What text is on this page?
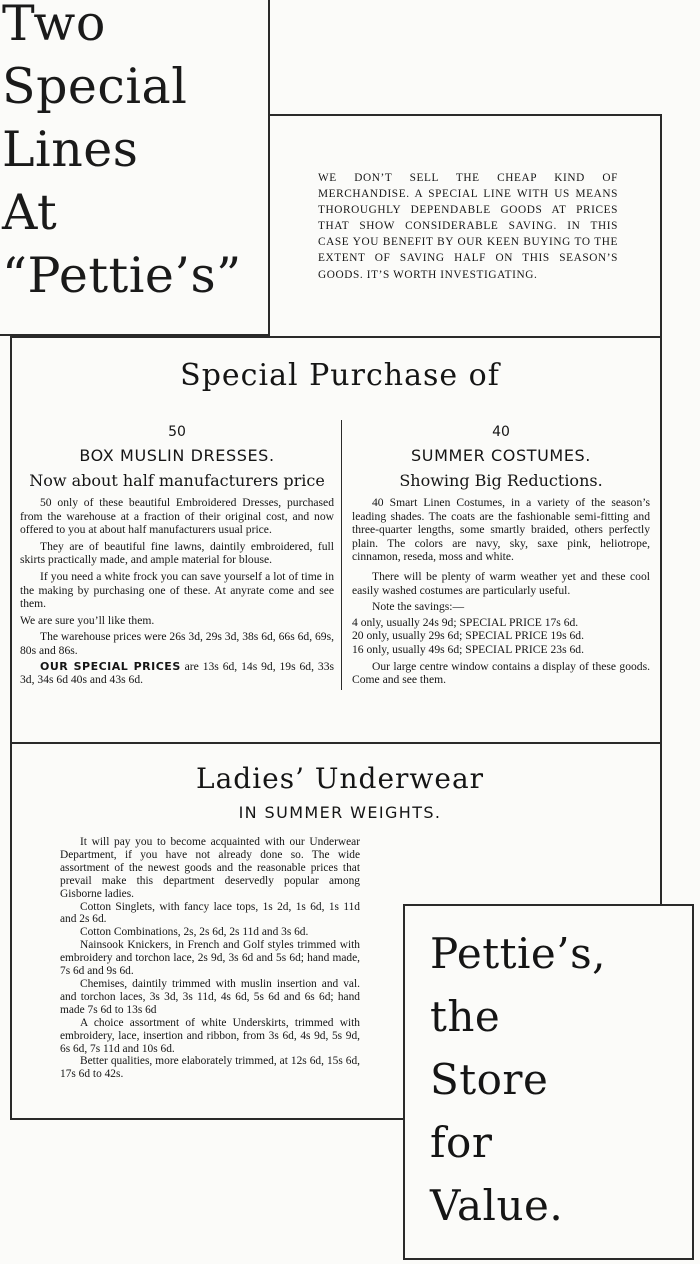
Two
Special
Lines
At
“Pettie’s”

WE DON’T SELL THE CHEAP KIND OF MERCHANDISE. A SPECIAL LINE WITH US MEANS THOROUGHLY DEPENDABLE GOODS AT PRICES THAT SHOW CONSIDERABLE SAVING. IN THIS CASE YOU BENEFIT BY OUR KEEN BUYING TO THE EXTENT OF SAVING HALF ON THIS SEASON’S GOODS. IT’S WORTH INVESTIGATING.

Special Purchase of
50
BOX MUSLIN DRESSES.
Now about half manufacturers price

50 only of these beautiful Embroidered Dresses, purchased from the warehouse at a fraction of their original cost, and now offered to you at about half manufacturers usual price.

They are of beautiful fine lawns, daintily embroidered, full skirts practically made, and ample material for blouse.

If you need a white frock you can save yourself a lot of time in the making by purchasing one of these. At anyrate come and see them.

We are sure you’ll like them.

The warehouse prices were 26s 3d, 29s 3d, 38s 6d, 66s 6d, 69s, 80s and 86s.

OUR SPECIAL PRICES are 13s 6d, 14s 9d, 19s 6d, 33s 3d, 34s 6d 40s and 43s 6d.

40
SUMMER COSTUMES.
Showing Big Reductions.

40 Smart Linen Costumes, in a variety of the season’s leading shades. The coats are the fashionable semi-fitting and three-quarter lengths, some smartly braided, others perfectly plain. The colors are navy, sky, saxe pink, heliotrope, cinnamon, reseda, moss and white.

There will be plenty of warm weather yet and these cool easily washed costumes are particularly useful.

Note the savings:—

4 only, usually 24s 9d; SPECIAL PRICE 17s 6d.

20 only, usually 29s 6d; SPECIAL PRICE 19s 6d.

16 only, usually 49s 6d; SPECIAL PRICE 23s 6d.

Our large centre window contains a display of these goods. Come and see them.

Ladies’ Underwear
IN SUMMER WEIGHTS.

It will pay you to become acquainted with our Underwear Department, if you have not already done so. The wide assortment of the newest goods and the reasonable prices that prevail make this department deservedly popular among Gisborne ladies.

Cotton Singlets, with fancy lace tops, 1s 2d, 1s 6d, 1s 11d and 2s 6d.

Cotton Combinations, 2s, 2s 6d, 2s 11d and 3s 6d.

Nainsook Knickers, in French and Golf styles trimmed with embroidery and torchon lace, 2s 9d, 3s 6d and 5s 6d; hand made, 7s 6d and 9s 6d.

Chemises, daintily trimmed with muslin insertion and val. and torchon laces, 3s 3d, 3s 11d, 4s 6d, 5s 6d and 6s 6d; hand made 7s 6d to 13s 6d

A choice assortment of white Underskirts, trimmed with embroidery, lace, insertion and ribbon, from 3s 6d, 4s 9d, 5s 9d, 6s 6d, 7s 11d and 10s 6d.

Better qualities, more elaborately trimmed, at 12s 6d, 15s 6d, 17s 6d to 42s.

Pettie’s,
the
Store
for
Value.
